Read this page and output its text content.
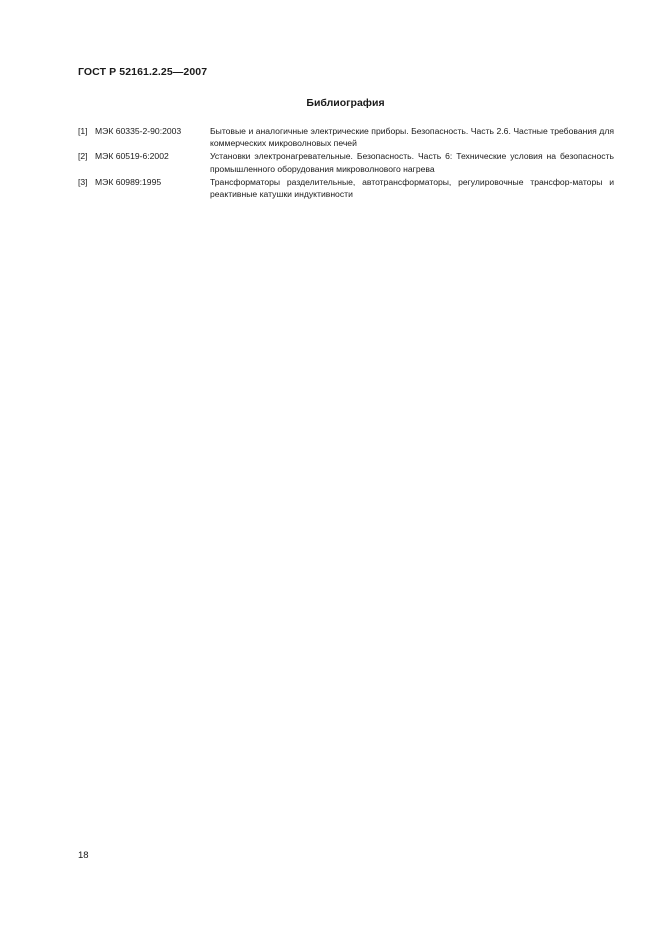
ГОСТ Р 52161.2.25—2007
Библиография
[1] МЭК 60335-2-90:2003	Бытовые и аналогичные электрические приборы. Безопасность. Часть 2.6. Частные требования для коммерческих микроволновых печей
[2] МЭК 60519-6:2002	Установки электронагревательные. Безопасность. Часть 6: Технические условия на безопасность промышленного оборудования микроволнового нагрева
[3] МЭК 60989:1995	Трансформаторы разделительные, автотрансформаторы, регулировочные трансфор-маторы и реактивные катушки индуктивности
18
